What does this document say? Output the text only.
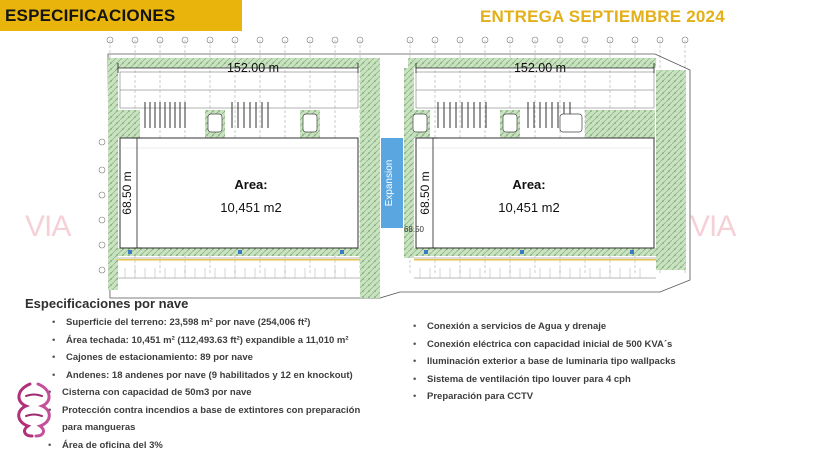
ESPECIFICACIONES	ENTREGA SEPTIEMBRE 2024
VIA	VIA
Expansion
152.00 m	152.00 m
68.50 m	68.50 m
68.50
Area:
10,451 m2
Area:
10,451 m2
Especificaciones por nave
• Superficie del terreno: 23,598 m² por nave (254,006 ft²)
• Área techada: 10,451 m² (112,493.63 ft²) expandible a 11,010 m²
• Cajones de estacionamiento: 89 por nave
• Andenes: 18 andenes por nave (9 habilitados y 12 en knockout)
• Cisterna con capacidad de 50m3 por nave
• Protección contra incendios a base de extintores con preparación
para mangueras
• Área de oficina del 3%
• Conexión a servicios de Agua y drenaje
• Conexión eléctrica con capacidad inicial de 500 KVA´s
• Iluminación exterior a base de luminaria tipo wallpacks
• Sistema de ventilación tipo louver para 4 cph
• Preparación para CCTV
